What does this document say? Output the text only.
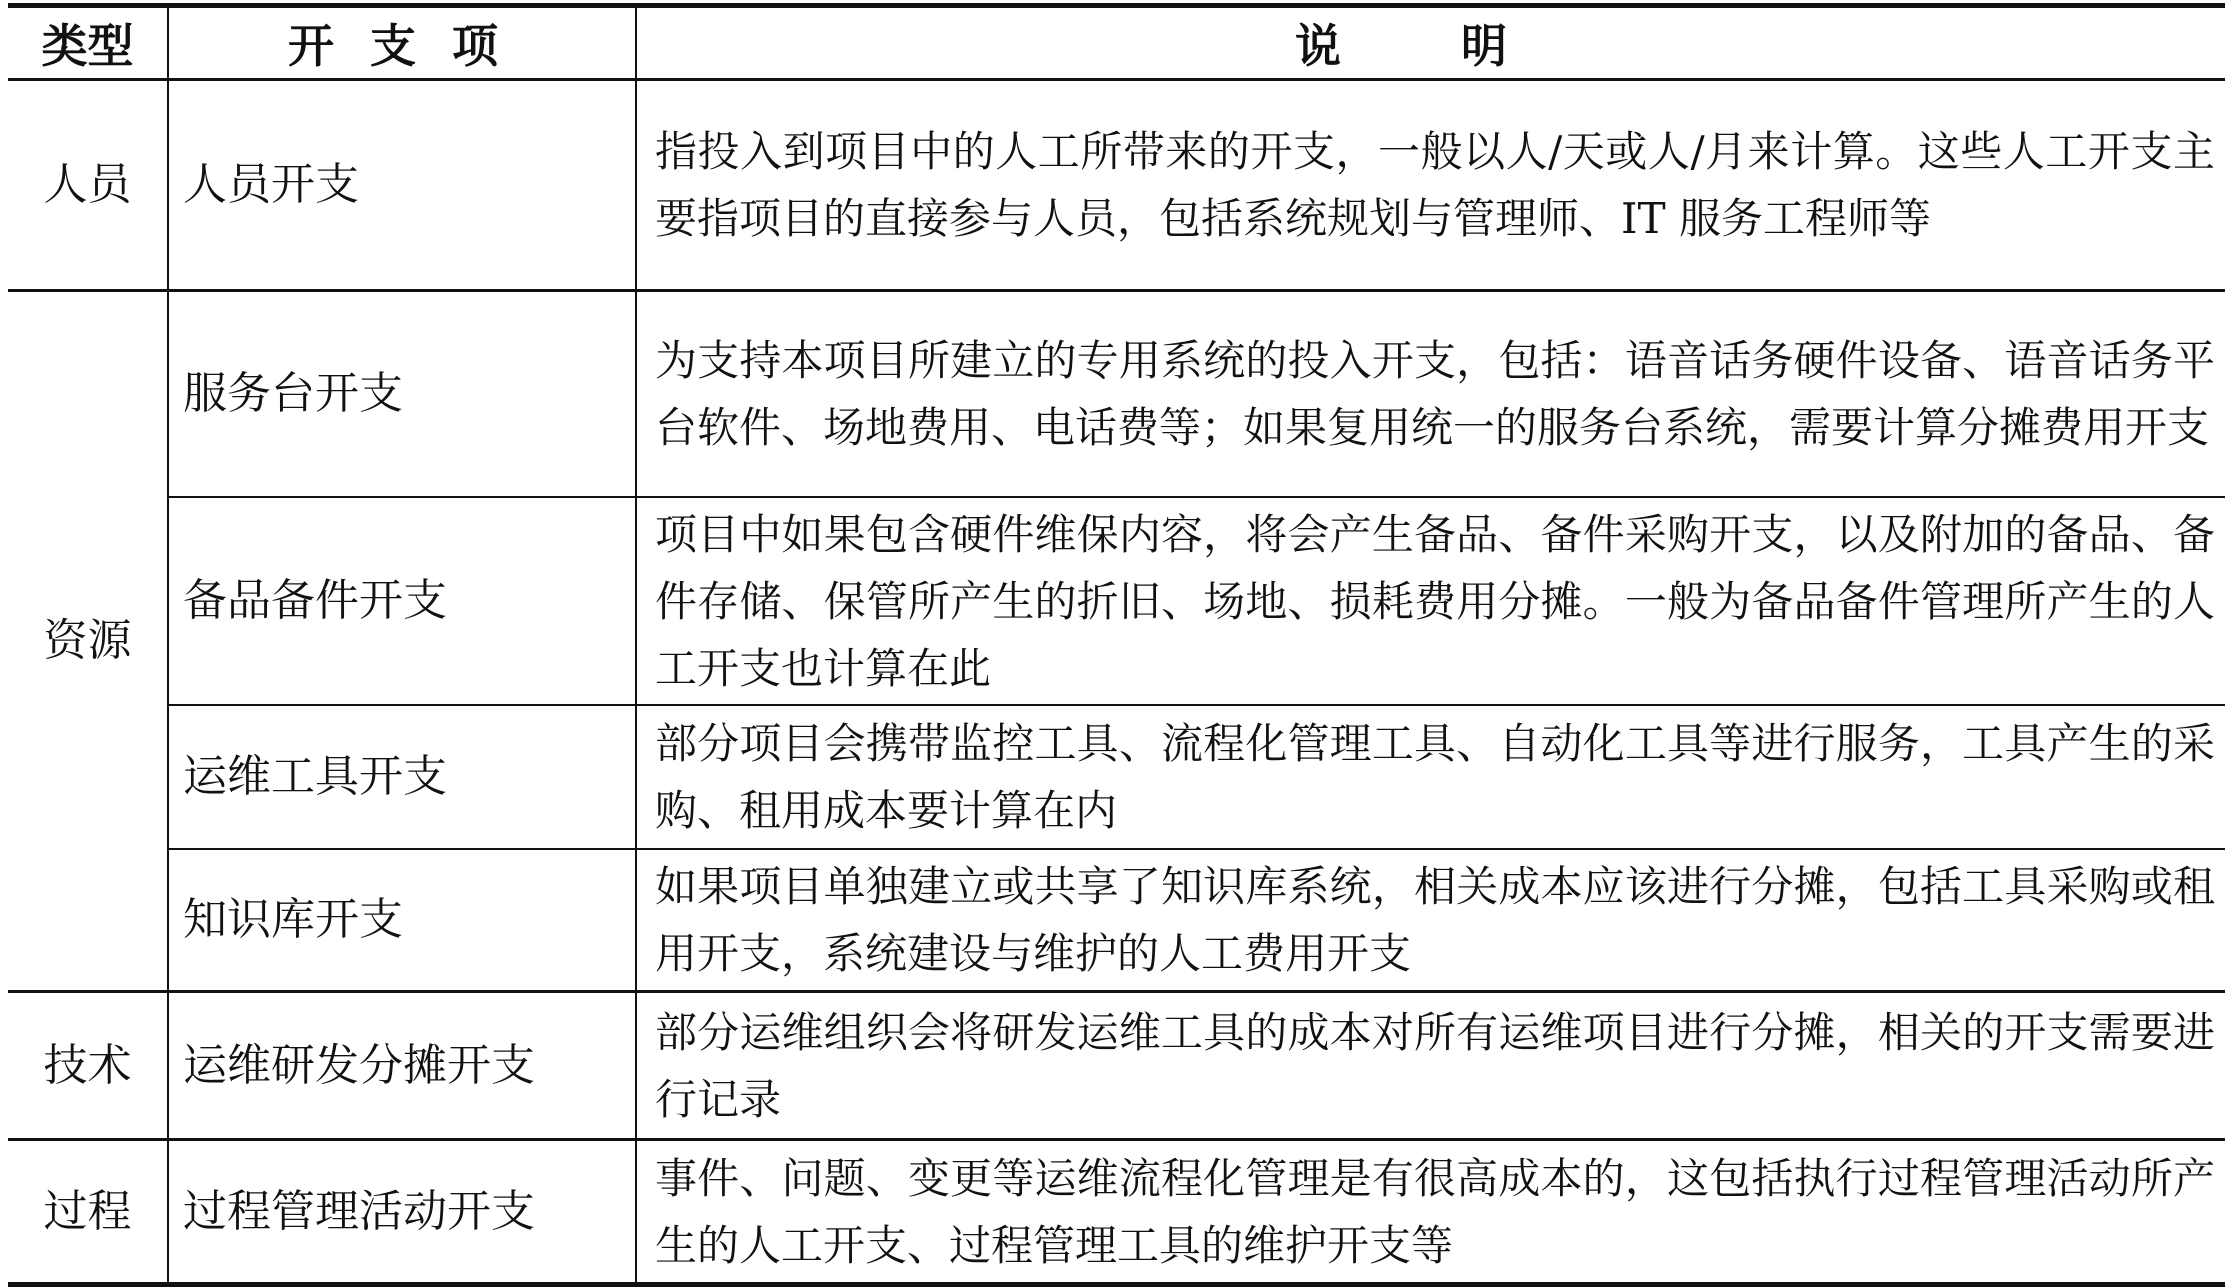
类型	开支项	说明
人员	人员开支	指投入到项目中的人工所带来的开支，一般以人/天或人/月来计算。这些人工开支主要指项目的直接参与人员，包括系统规划与管理师、IT 服务工程师等
资源	服务台开支	为支持本项目所建立的专用系统的投入开支，包括：语音话务硬件设备、语音话务平台软件、场地费用、电话费等；如果复用统一的服务台系统，需要计算分摊费用开支
	备品备件开支	项目中如果包含硬件维保内容，将会产生备品、备件采购开支，以及附加的备品、备件存储、保管所产生的折旧、场地、损耗费用分摊。一般为备品备件管理所产生的人工开支也计算在此
	运维工具开支	部分项目会携带监控工具、流程化管理工具、自动化工具等进行服务，工具产生的采购、租用成本要计算在内
	知识库开支	如果项目单独建立或共享了知识库系统，相关成本应该进行分摊，包括工具采购或租用开支，系统建设与维护的人工费用开支
技术	运维研发分摊开支	部分运维组织会将研发运维工具的成本对所有运维项目进行分摊，相关的开支需要进行记录
过程	过程管理活动开支	事件、问题、变更等运维流程化管理是有很高成本的，这包括执行过程管理活动所产生的人工开支、过程管理工具的维护开支等
